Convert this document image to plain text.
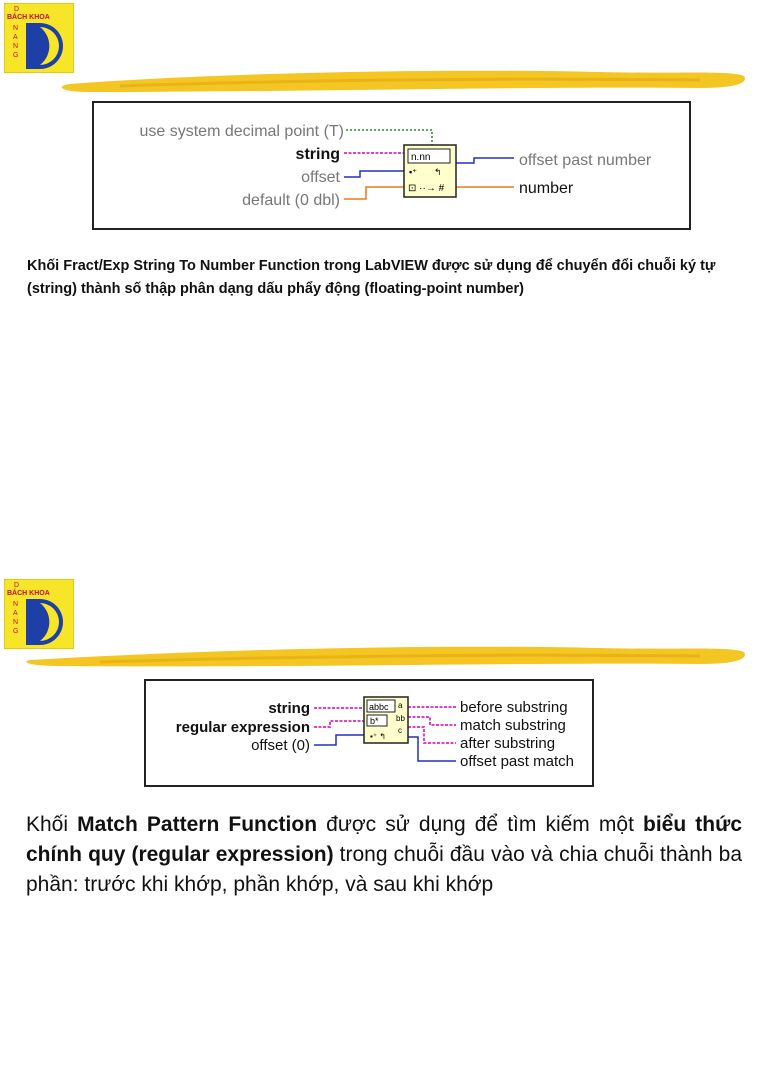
D
BÁCH KHOA
N
A
N
G
n.nn
▪⁺ ↰
⊡ ··→ #
use system decimal point (T)
string
offset
default (0 dbl)
offset past number
number
Khối Fract/Exp String To Number Function trong LabVIEW được sử dụng để chuyển đổi chuỗi ký tự (string) thành số thập phân dạng dấu phẩy động (floating-point number)
D
BÁCH KHOA
N
A
N
G
abbc
b*
a
bb
c
▪⁺ ↰
string
regular expression
offset (0)
before substring
match substring
after substring
offset past match
Khối Match Pattern Function được sử dụng để tìm kiếm một biểu thức chính quy (regular expression) trong chuỗi đầu vào và chia chuỗi thành ba phần: trước khi khớp, phần khớp, và sau khi khớp
